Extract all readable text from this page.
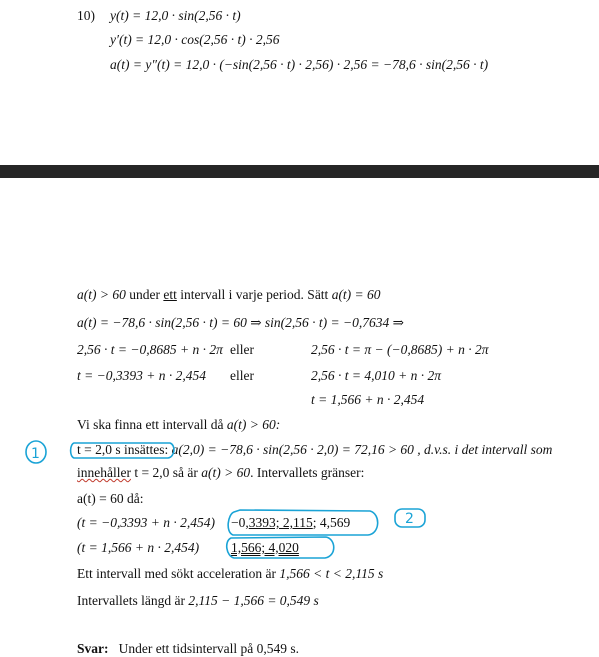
10) y(t) = 12,0 · sin(2,56 · t)
y′(t) = 12,0 · cos(2,56 · t) · 2,56
a(t) = y″(t) = 12,0 · (−sin(2,56 · t) · 2,56) · 2,56 = −78,6 · sin(2,56 · t)
a(t) > 60 under ett intervall i varje period. Sätt a(t) = 60
a(t) = −78,6 · sin(2,56 · t) = 60 ⇒ sin(2,56 · t) = −0,7634 ⇒
2,56 · t = −0,8685 + n · 2π eller	2,56 · t = π − (−0,8685) + n · 2π
t = −0,3393 + n · 2,454 eller	2,56 · t = 4,010 + n · 2π
t = 1,566 + n · 2,454
Vi ska finna ett intervall då a(t) > 60:
t = 2,0 s insättes: a(2,0) = −78,6 · sin(2,56 · 2,0) = 72,16 > 60 , d.v.s. i det intervall som
innehåller t = 2,0 så är a(t) > 60. Intervallets gränser:
a(t) = 60 då:
(t = −0,3393 + n · 2,454) −0,3393; 2,115; 4,569
(t = 1,566 + n · 2,454) 1,566; 4,020
Ett intervall med sökt acceleration är 1,566 < t < 2,115 s
Intervallets längd är 2,115 − 1,566 = 0,549 s
Svar: Under ett tidsintervall på 0,549 s.
1
2
